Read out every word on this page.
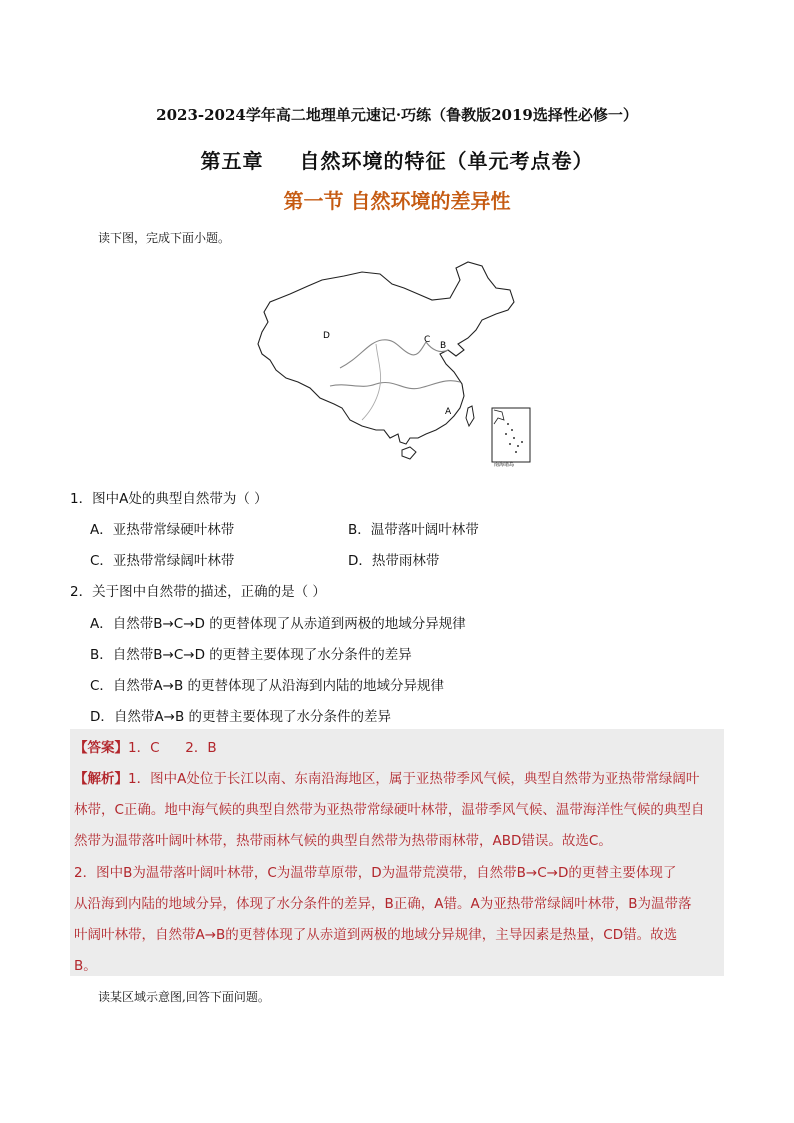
2023-2024学年高二地理单元速记·巧练（鲁教版2019选择性必修一）
第五章 自然环境的特征（单元考点卷）
第一节 自然环境的差异性
读下图，完成下面小题。
D	C
B
A
南海诸岛
1．图中A处的典型自然带为（ ）
A．亚热带常绿硬叶林带	B．温带落叶阔叶林带
C．亚热带常绿阔叶林带	D．热带雨林带
2．关于图中自然带的描述，正确的是（ ）
A．自然带B→C→D 的更替体现了从赤道到两极的地域分异规律
B．自然带B→C→D 的更替主要体现了水分条件的差异
C．自然带A→B 的更替体现了从沿海到内陆的地域分异规律
D．自然带A→B 的更替主要体现了水分条件的差异
【答案】1．C      2．B
【解析】1．图中A处位于长江以南、东南沿海地区，属于亚热带季风气候，典型自然带为亚热带常绿阔叶
林带，C正确。地中海气候的典型自然带为亚热带常绿硬叶林带，温带季风气候、温带海洋性气候的典型自
然带为温带落叶阔叶林带，热带雨林气候的典型自然带为热带雨林带，ABD错误。故选C。
2．图中B为温带落叶阔叶林带，C为温带草原带，D为温带荒漠带，自然带B→C→D的更替主要体现了
从沿海到内陆的地域分异，体现了水分条件的差异，B正确，A错。A为亚热带常绿阔叶林带，B为温带落
叶阔叶林带，自然带A→B的更替体现了从赤道到两极的地域分异规律，主导因素是热量，CD错。故选
B。
读某区域示意图,回答下面问题。
